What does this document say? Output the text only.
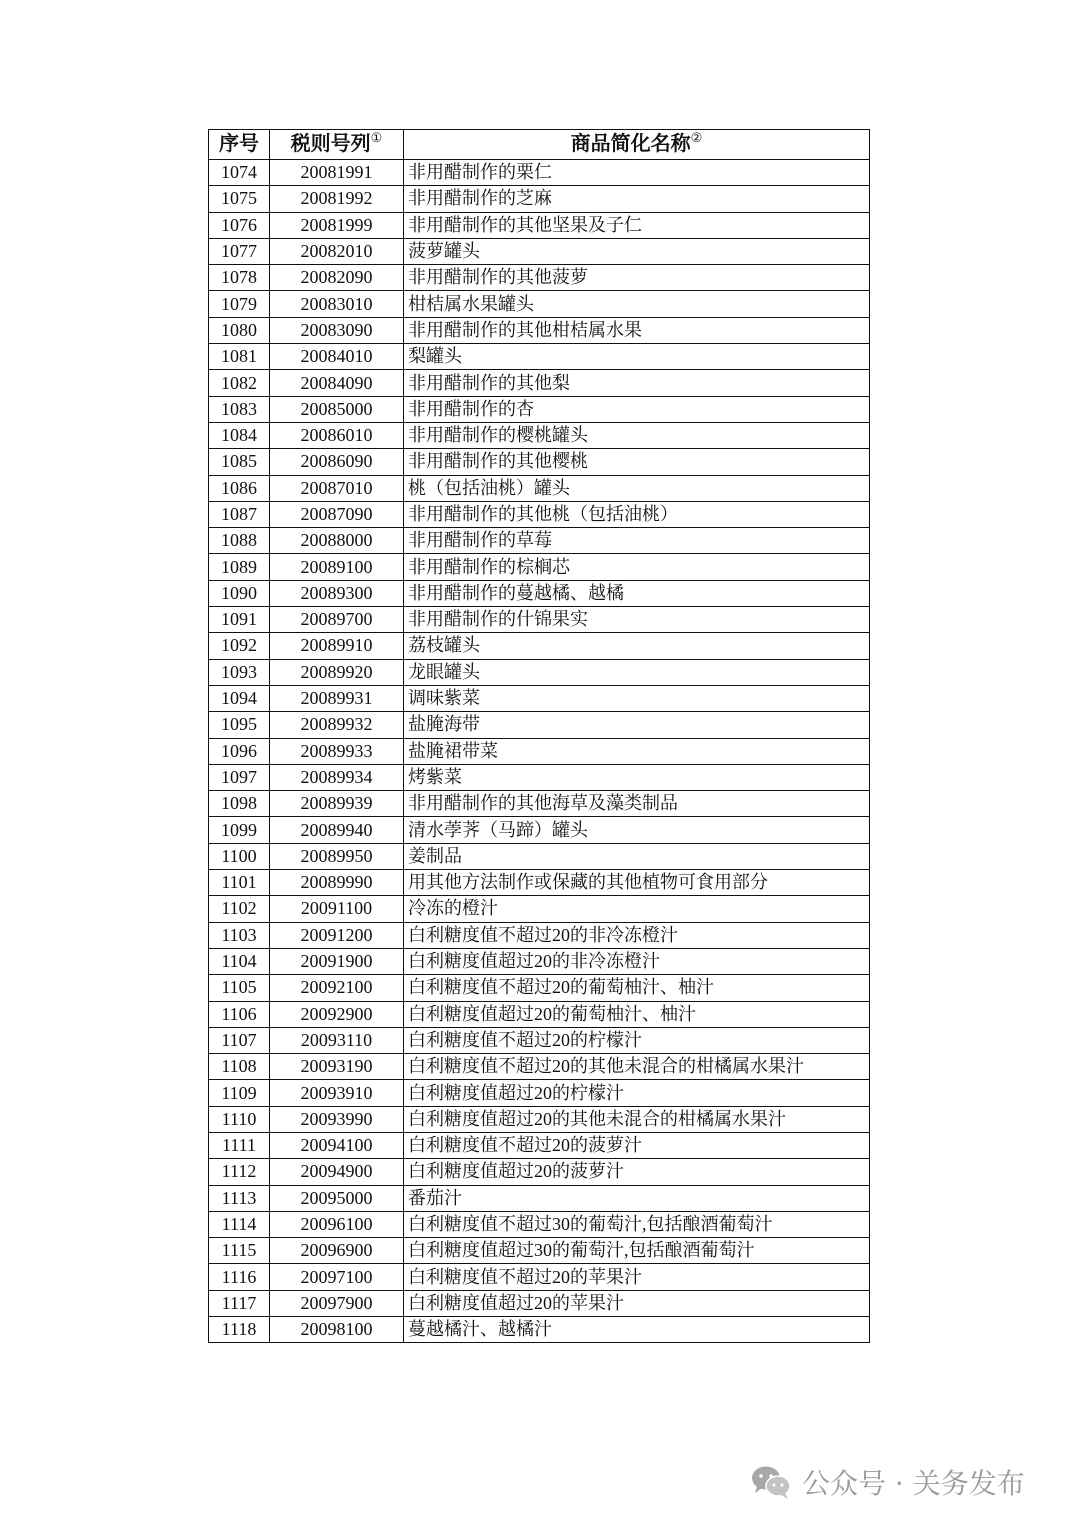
序号	税则号列①	商品简化名称②
1074	20081991	非用醋制作的栗仁
1075	20081992	非用醋制作的芝麻
1076	20081999	非用醋制作的其他坚果及子仁
1077	20082010	菠萝罐头
1078	20082090	非用醋制作的其他菠萝
1079	20083010	柑桔属水果罐头
1080	20083090	非用醋制作的其他柑桔属水果
1081	20084010	梨罐头
1082	20084090	非用醋制作的其他梨
1083	20085000	非用醋制作的杏
1084	20086010	非用醋制作的樱桃罐头
1085	20086090	非用醋制作的其他樱桃
1086	20087010	桃（包括油桃）罐头
1087	20087090	非用醋制作的其他桃（包括油桃）
1088	20088000	非用醋制作的草莓
1089	20089100	非用醋制作的棕榈芯
1090	20089300	非用醋制作的蔓越橘、越橘
1091	20089700	非用醋制作的什锦果实
1092	20089910	荔枝罐头
1093	20089920	龙眼罐头
1094	20089931	调味紫菜
1095	20089932	盐腌海带
1096	20089933	盐腌裙带菜
1097	20089934	烤紫菜
1098	20089939	非用醋制作的其他海草及藻类制品
1099	20089940	清水荸荠（马蹄）罐头
1100	20089950	姜制品
1101	20089990	用其他方法制作或保藏的其他植物可食用部分
1102	20091100	冷冻的橙汁
1103	20091200	白利糖度值不超过20的非冷冻橙汁
1104	20091900	白利糖度值超过20的非冷冻橙汁
1105	20092100	白利糖度值不超过20的葡萄柚汁、柚汁
1106	20092900	白利糖度值超过20的葡萄柚汁、柚汁
1107	20093110	白利糖度值不超过20的柠檬汁
1108	20093190	白利糖度值不超过20的其他未混合的柑橘属水果汁
1109	20093910	白利糖度值超过20的柠檬汁
1110	20093990	白利糖度值超过20的其他未混合的柑橘属水果汁
1111	20094100	白利糖度值不超过20的菠萝汁
1112	20094900	白利糖度值超过20的菠萝汁
1113	20095000	番茄汁
1114	20096100	白利糖度值不超过30的葡萄汁,包括酿酒葡萄汁
1115	20096900	白利糖度值超过30的葡萄汁,包括酿酒葡萄汁
1116	20097100	白利糖度值不超过20的苹果汁
1117	20097900	白利糖度值超过20的苹果汁
1118	20098100	蔓越橘汁、越橘汁
公众号 · 关务发布
